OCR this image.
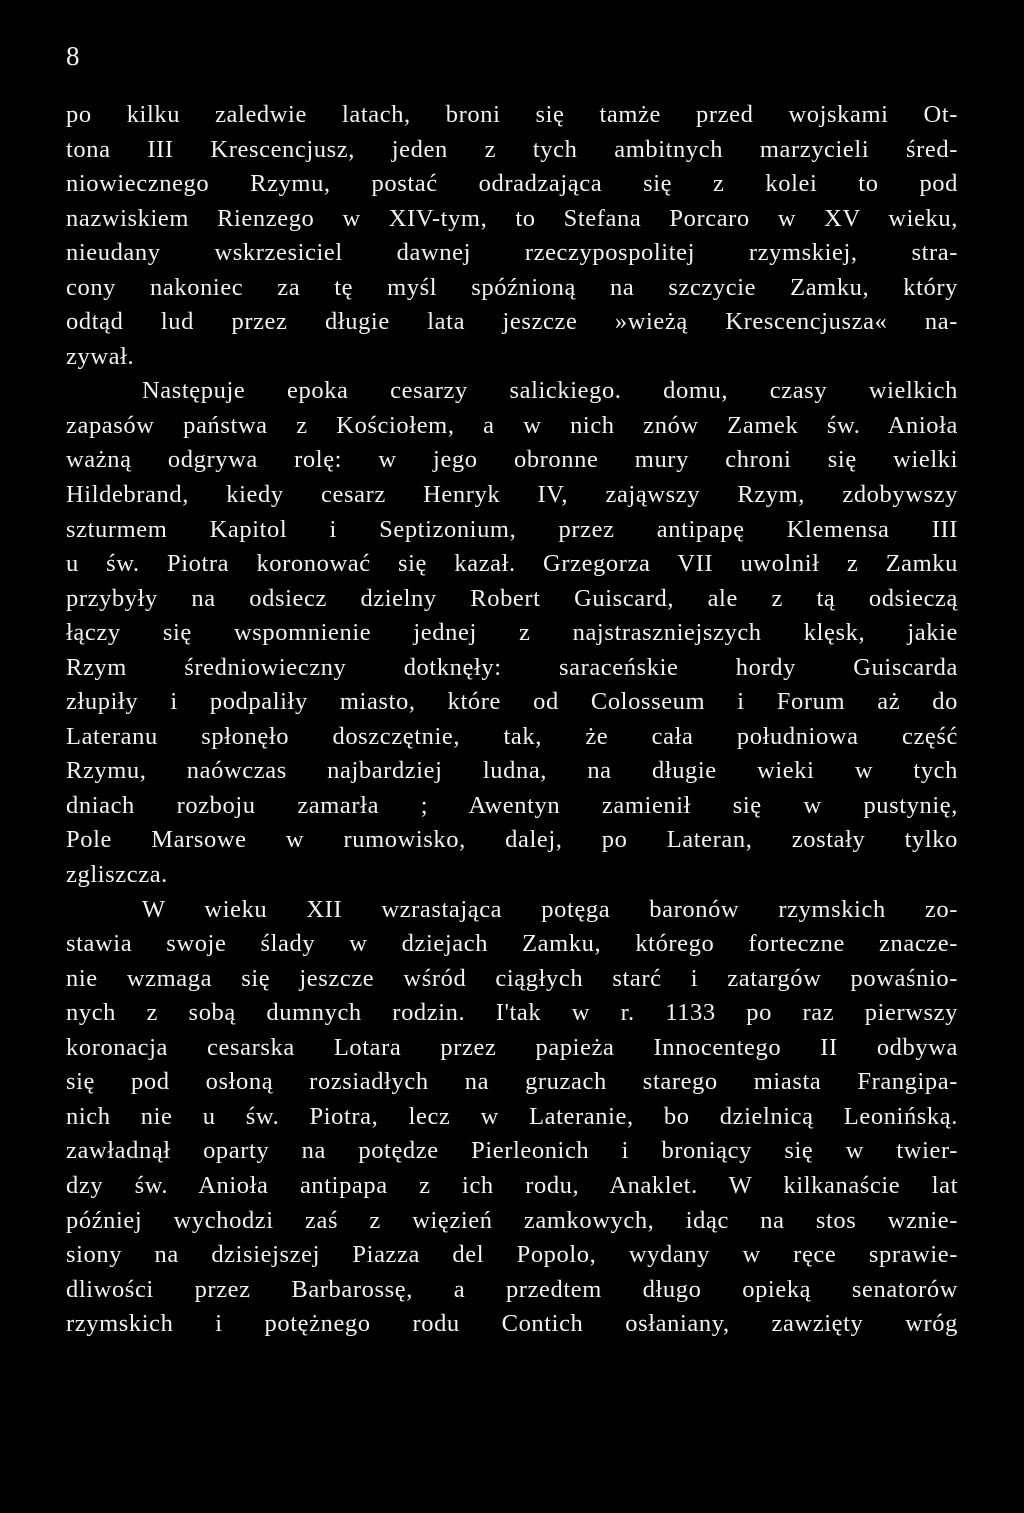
8
po kilku zaledwie latach, broni się tamże przed wojskami Ot-
tona III Krescencjusz, jeden z tych ambitnych marzycieli śred-
niowiecznego Rzymu, postać odradzająca się z kolei to pod
nazwiskiem Rienzego w XIV-tym, to Stefana Porcaro w XV wieku,
nieudany wskrzesiciel dawnej rzeczypospolitej rzymskiej, stra-
cony nakoniec za tę myśl spóźnioną na szczycie Zamku, który
odtąd lud przez długie lata jeszcze »wieżą Krescencjusza« na-
zywał.
Następuje epoka cesarzy salickiego. domu, czasy wielkich
zapasów państwa z Kościołem, a w nich znów Zamek św. Anioła
ważną odgrywa rolę: w jego obronne mury chroni się wielki
Hildebrand, kiedy cesarz Henryk IV, zająwszy Rzym, zdobywszy
szturmem Kapitol i Septizonium, przez antipapę Klemensa III
u św. Piotra koronować się kazał. Grzegorza VII uwolnił z Zamku
przybyły na odsiecz dzielny Robert Guiscard, ale z tą odsieczą
łączy się wspomnienie jednej z najstraszniejszych klęsk, jakie
Rzym średniowieczny dotknęły: saraceńskie hordy Guiscarda
złupiły i podpaliły miasto, które od Colosseum i Forum aż do
Lateranu spłonęło doszczętnie, tak, że cała południowa część
Rzymu, naówczas najbardziej ludna, na długie wieki w tych
dniach rozboju zamarła ; Awentyn zamienił się w pustynię,
Pole Marsowe w rumowisko, dalej, po Lateran, zostały tylko
zgliszcza.
W wieku XII wzrastająca potęga baronów rzymskich zo-
stawia swoje ślady w dziejach Zamku, którego forteczne znacze-
nie wzmaga się jeszcze wśród ciągłych starć i zatargów powaśnio-
nych z sobą dumnych rodzin. I'tak w r. 1133 po raz pierwszy
koronacja cesarska Lotara przez papieża Innocentego II odbywa
się pod osłoną rozsiadłych na gruzach starego miasta Frangipa-
nich nie u św. Piotra, lecz w Lateranie, bo dzielnicą Leonińską.
zawładnął oparty na potędze Pierleonich i broniący się w twier-
dzy św. Anioła antipapa z ich rodu, Anaklet. W kilkanaście lat
później wychodzi zaś z więzień zamkowych, idąc na stos wznie-
siony na dzisiejszej Piazza del Popolo, wydany w ręce sprawie-
dliwości przez Barbarossę, a przedtem długo opieką senatorów
rzymskich i potężnego rodu Contich osłaniany, zawzięty wróg
